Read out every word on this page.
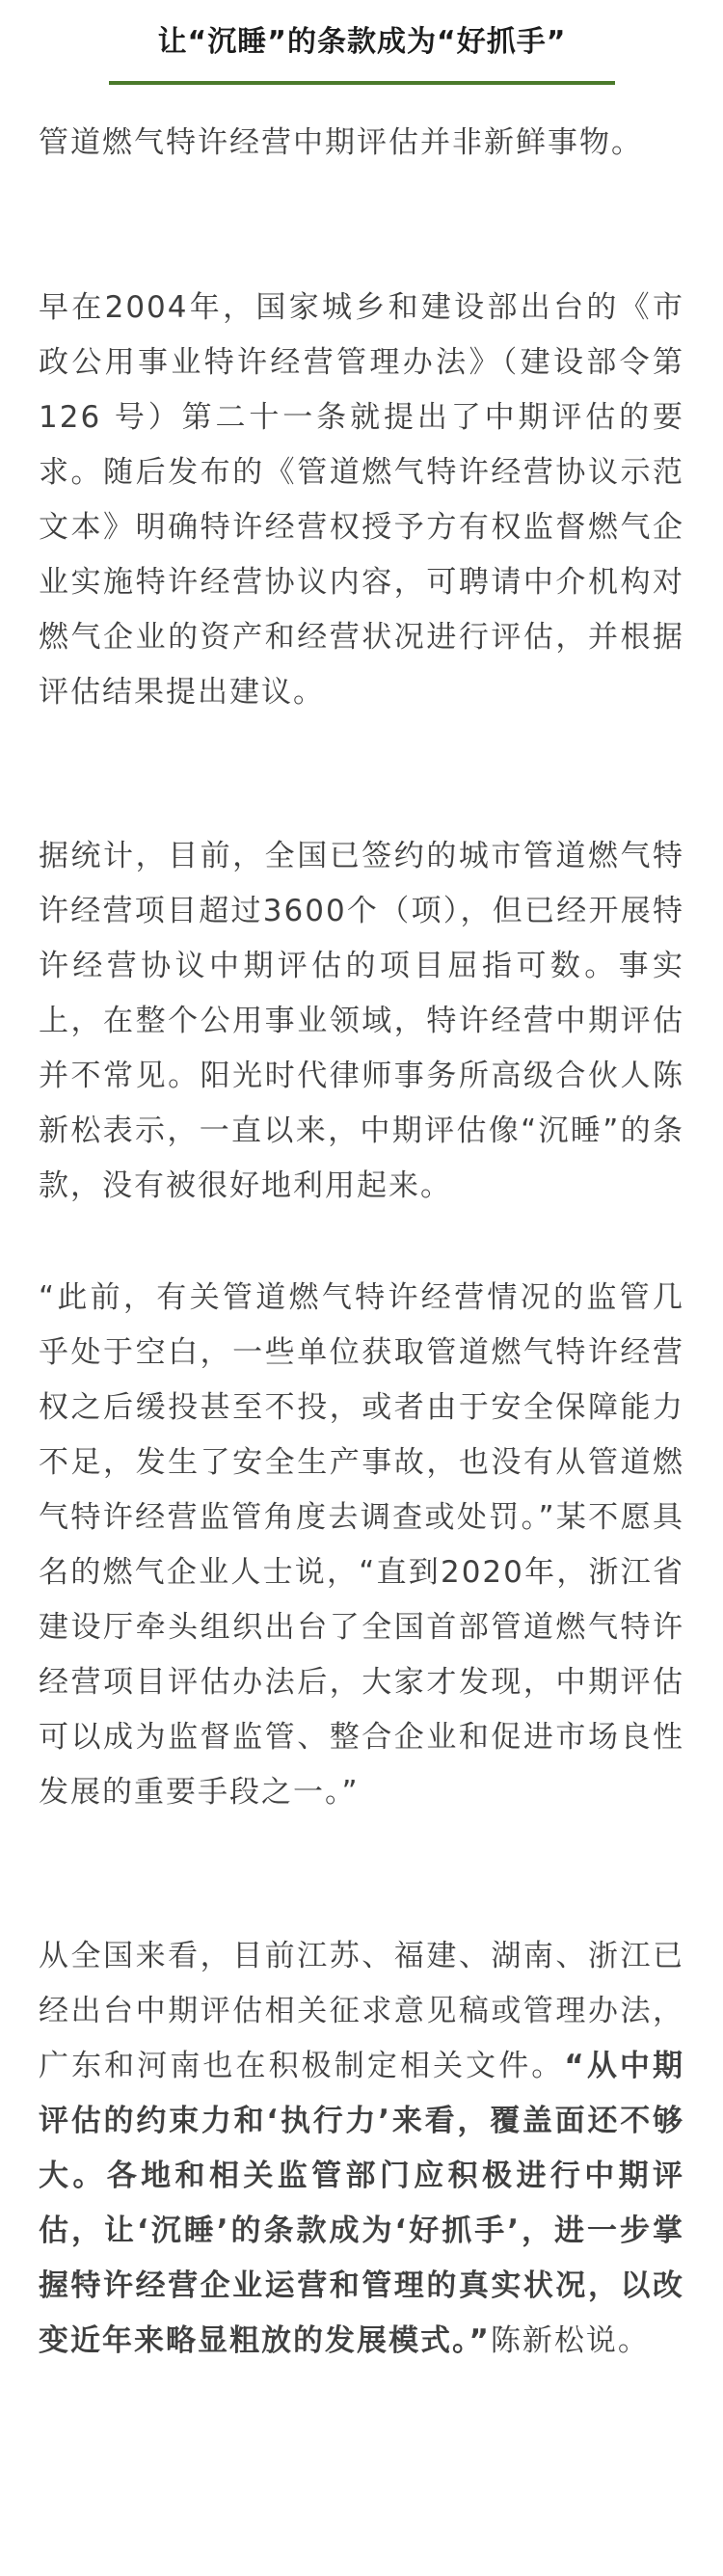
让“沉睡”的条款成为“好抓手”

管道燃气特许经营中期评估并非新鲜事物。

早在2004年，国家城乡和建设部出台的《市政公用事业特许经营管理办法》（建设部令第 126 号）第二十一条就提出了中期评估的要求。随后发布的《管道燃气特许经营协议示范文本》明确特许经营权授予方有权监督燃气企业实施特许经营协议内容，可聘请中介机构对燃气企业的资产和经营状况进行评估，并根据评估结果提出建议。

据统计，目前，全国已签约的城市管道燃气特许经营项目超过3600个（项），但已经开展特许经营协议中期评估的项目屈指可数。事实上，在整个公用事业领域，特许经营中期评估并不常见。阳光时代律师事务所高级合伙人陈新松表示，一直以来，中期评估像“沉睡”的条款，没有被很好地利用起来。

“此前，有关管道燃气特许经营情况的监管几乎处于空白，一些单位获取管道燃气特许经营权之后缓投甚至不投，或者由于安全保障能力不足，发生了安全生产事故，也没有从管道燃气特许经营监管角度去调查或处罚。”某不愿具名的燃气企业人士说，“直到2020年，浙江省建设厅牵头组织出台了全国首部管道燃气特许经营项目评估办法后，大家才发现，中期评估可以成为监督监管、整合企业和促进市场良性发展的重要手段之一。”

从全国来看，目前江苏、福建、湖南、浙江已经出台中期评估相关征求意见稿或管理办法，广东和河南也在积极制定相关文件。“从中期评估的约束力和‘执行力’来看，覆盖面还不够大。各地和相关监管部门应积极进行中期评估，让‘沉睡’的条款成为‘好抓手’，进一步掌握特许经营企业运营和管理的真实状况，以改变近年来略显粗放的发展模式。”陈新松说。
